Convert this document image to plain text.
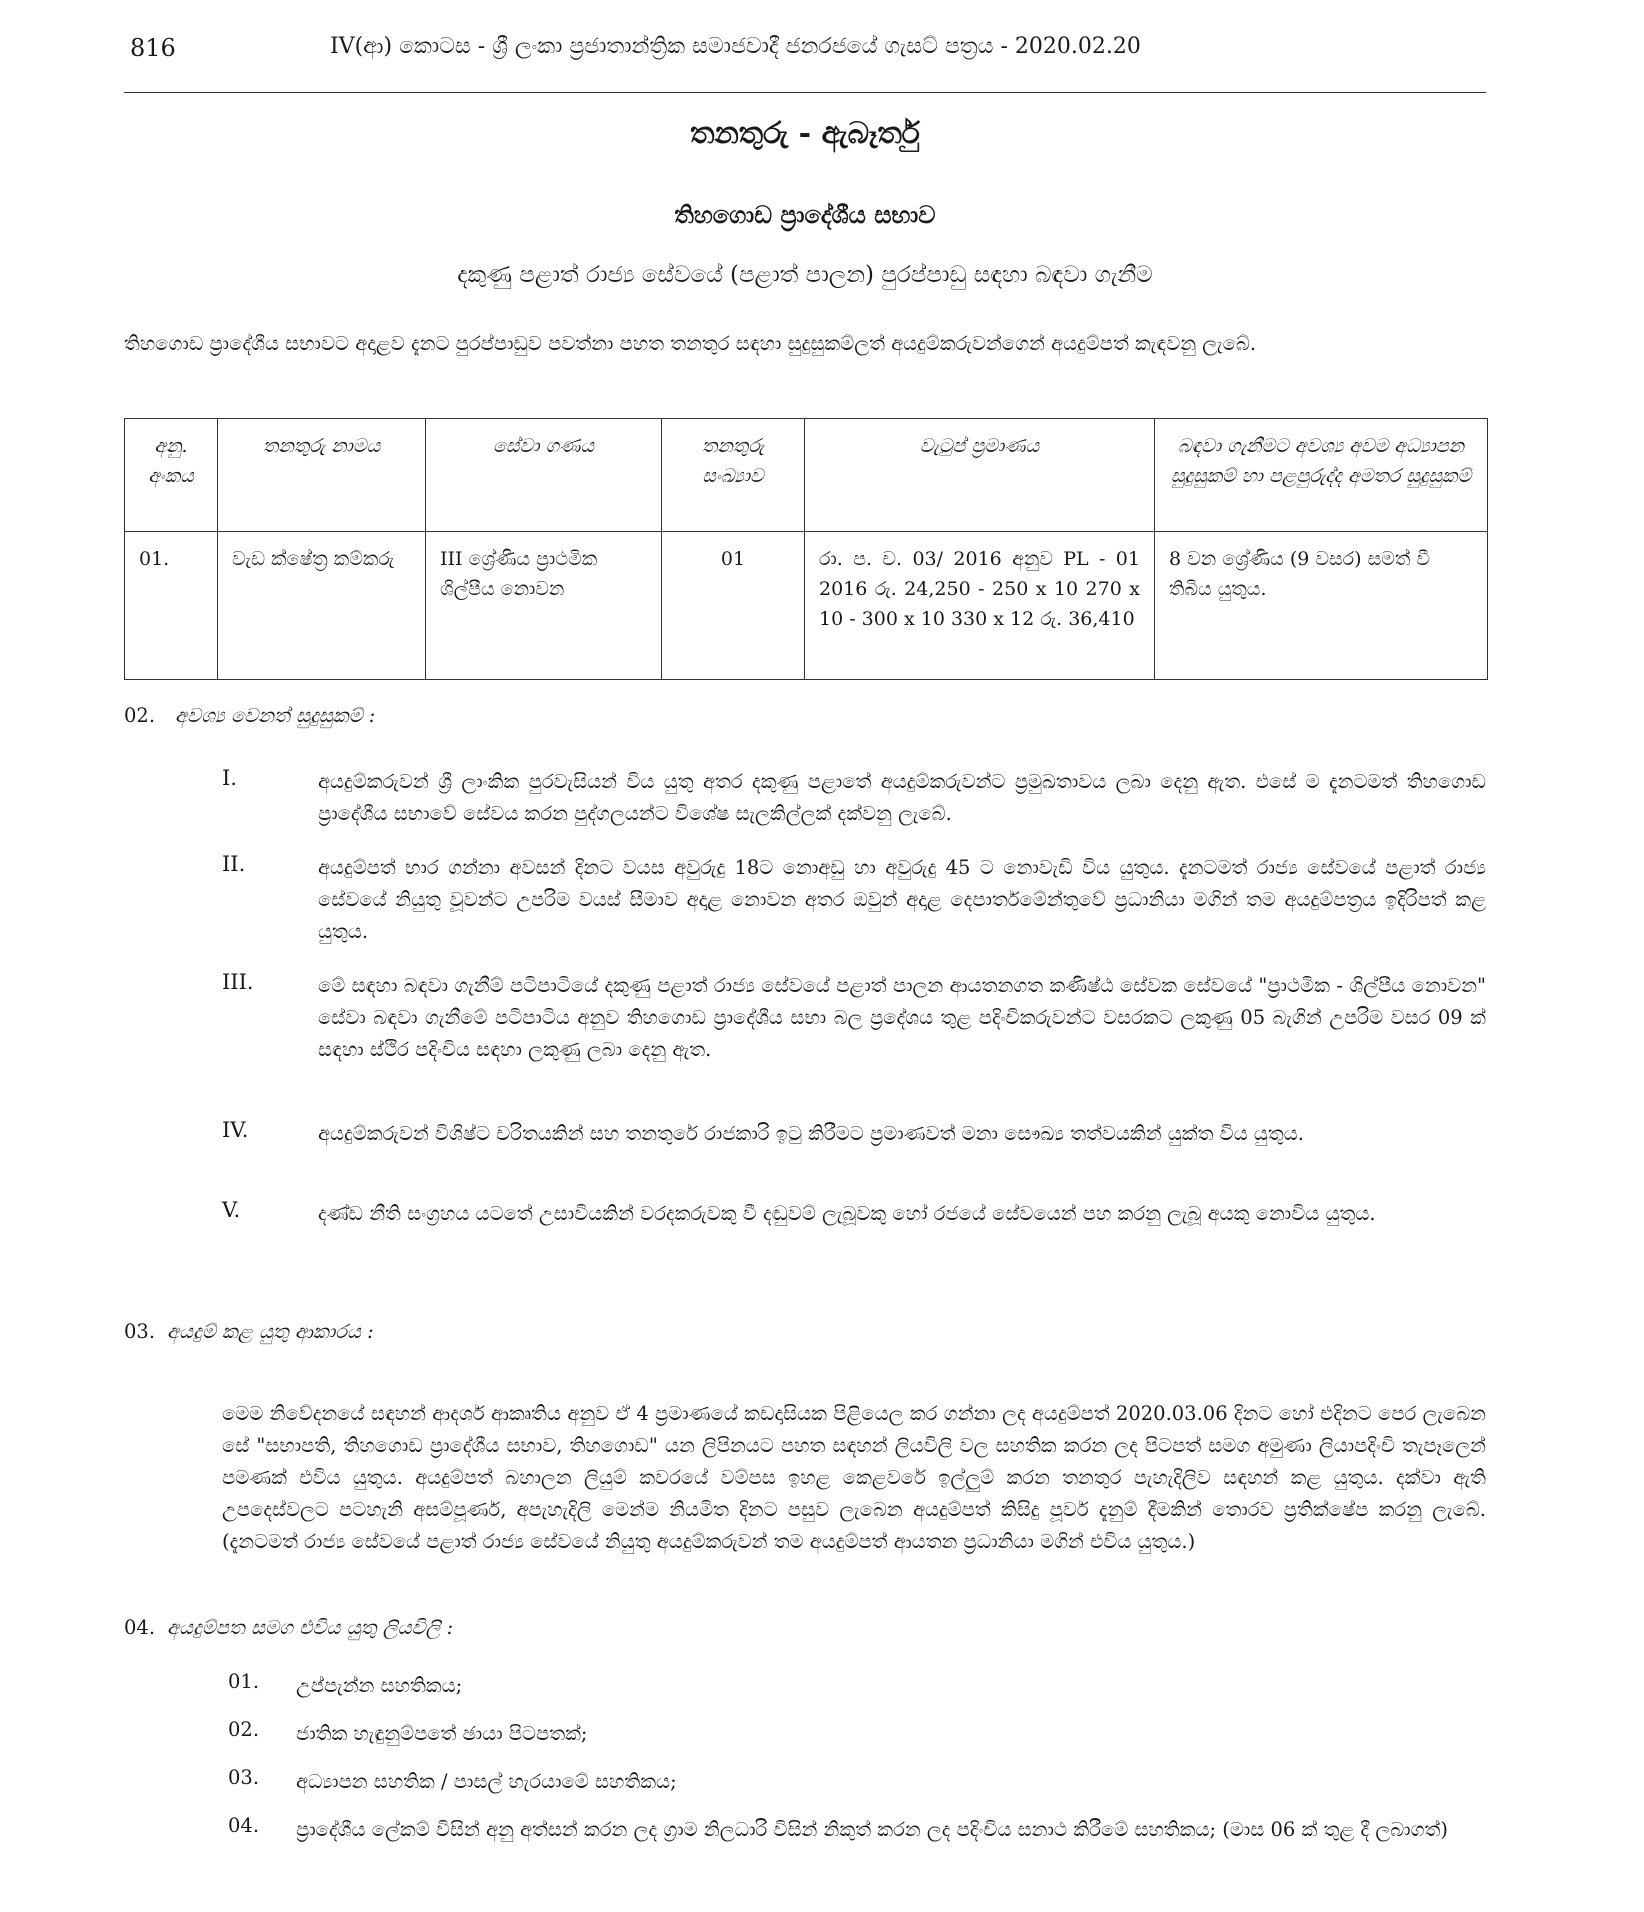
816	IV(ආ) කොටස - ශ්‍රී ලංකා ප්‍රජාතාන්ත්‍රික සමාජවාදී ජනරජයේ ගැසට් පත්‍රය - 2020.02.20
තනතුරු - ඇබෑර්තු
තිහගොඩ ප්‍රාදේශීය සභාව
දකුණු පළාත් රාජ්‍ය සේවයේ (පළාත් පාලන) පුරප්පාඩු සඳහා බඳවා ගැනීම
තිහගොඩ ප්‍රාදේශීය සභාවට අදාළව දැනට පුරප්පාඩුව පවත්නා පහත තනතුර සඳහා සුදුසුකම්ලත් අයදුම්කරුවන්ගෙන් අයදුම්පත් කැඳවනු ලැබේ.
අනු. අංකය	තනතුරු නාමය	සේවා ගණය	තනතුරු සංඛ්‍යාව	වැටුප් ප්‍රමාණය	බඳවා ගැනීමට අවශ්‍ය අවම අධ්‍යාපන සුදුසුකම් හා පළපුරුද්ද අමතර සුදුසුකම්
01.	වැඩ ක්ෂේත්‍ර කම්කරු	III ශ්‍රේණිය ප්‍රාථමික ශිල්පීය නොවන	01	රා. ප. ච. 03/ 2016 අනුව PL - 01 2016 රු. 24,250 - 250 x 10 270 x 10 - 300 x 10 330 x 12 රු. 36,410	8 වන ශ්‍රේණිය (9 වසර) සමත් වී තිබිය යුතුය.
02. අවශ්‍ය වෙනත් සුදුසුකම් :
I.	අයදුම්කරුවන් ශ්‍රී ලාංකික පුරවැසියන් විය යුතු අතර දකුණු පළාතේ අයදුම්කරුවන්ට ප්‍රමුඛතාවය ලබා දෙනු ඇත. එසේ ම දැනටමත් තිහගොඩ ප්‍රාදේශීය සභාවේ සේවය කරන පුද්ගලයන්ට විශේෂ සැලකිල්ලක් දක්වනු ලැබේ.
II.	අයදුම්පත් භාර ගන්නා අවසන් දිනට වයස අවුරුදු 18ට නොඅඩු හා අවුරුදු 45 ට නොවැඩි විය යුතුය. දැනටමත් රාජ්‍ය සේවයේ පළාත් රාජ්‍ය සේවයේ නියුතු වූවන්ට උපරිම වයස් සීමාව අදාළ නොවන අතර ඔවුන් අදාළ දෙපාර්තමේන්තුවේ ප්‍රධානියා මගින් තම අයදුම්පත්‍රය ඉදිරිපත් කළ යුතුය.
III.	මේ සඳහා බඳවා ගැනීම් පටිපාටියේ දකුණු පළාත් රාජ්‍ය සේවයේ පළාත් පාලන ආයතනගත කණිෂ්ඨ සේවක සේවයේ "ප්‍රාථමික - ශිල්පීය නොවන" සේවා බඳවා ගැනීමේ පටිපාටිය අනුව තිහගොඩ ප්‍රාදේශීය සභා බල ප්‍රදේශය තුළ පදිංචිකරුවන්ට වසරකට ලකුණු 05 බැගින් උපරිම වසර 09 ක් සඳහා ස්ථිර පදිංචිය සඳහා ලකුණු ලබා දෙනු ඇත.
IV.	අයදුම්කරුවන් විශිෂ්ට චරිතයකින් සහ තනතුරේ රාජකාරි ඉටු කිරීමට ප්‍රමාණවත් මනා සෞඛ්‍ය තත්වයකින් යුක්ත විය යුතුය.
V.	දණ්ඩ නීති සංග්‍රහය යටතේ උසාවියකින් වරදකරුවකු වී දඬුවම් ලැබූවකු හෝ රජයේ සේවයෙන් පහ කරනු ලැබූ අයකු නොවිය යුතුය.
03. අයදුම් කළ යුතු ආකාරය :
මෙම නිවේදනයේ සඳහන් ආදර්ශ ආකෘතිය අනුව ඒ 4 ප්‍රමාණයේ කඩදාසියක පිළියෙල කර ගන්නා ලද අයදුම්පත් 2020.03.06 දිනට හෝ එදිනට පෙර ලැබෙන සේ "සභාපති, තිහගොඩ ප්‍රාදේශීය සභාව, තිහගොඩ" යන ලිපිනයට පහත සඳහන් ලියවිලි වල සහතික කරන ලද පිටපත් සමග අමුණා ලියාපදිංචි තැපෑලෙන් පමණක් එවිය යුතුය. අයදුම්පත් බහාලන ලියුම් කවරයේ වම්පස ඉහළ කෙළවරේ ඉල්ලුම් කරන තනතුර පැහැදිලිව සඳහන් කළ යුතුය. දක්වා ඇති උපදෙස්වලට පටහැනි අසම්පූර්ණ, අපැහැදිලි මෙන්ම නියමිත දිනට පසුව ලැබෙන අයදුම්පත් කිසිදු පූර්ව දැනුම් දීමකින් තොරව ප්‍රතික්ෂේප කරනු ලැබේ. (දැනටමත් රාජ්‍ය සේවයේ පළාත් රාජ්‍ය සේවයේ නියුතු අයදුම්කරුවන් තම අයදුම්පත් ආයතන ප්‍රධානියා මගින් එවිය යුතුය.)
04. අයදුම්පත සමග එවිය යුතු ලියවිලි :
01. උප්පැන්න සහතිකය;
02. ජාතික හැඳුනුම්පතේ ඡායා පිටපතක්;
03. අධ්‍යාපන සහතික / පාසල් හැරයාමේ සහතිකය;
04. ප්‍රාදේශීය ලේකම් විසින් අනු අත්සන් කරන ලද ග්‍රාම නිලධාරි විසින් නිකුත් කරන ලද පදිංචිය සනාථ කිරීමේ සහතිකය; (මාස 06 ක් තුළ දී ලබාගත්)
